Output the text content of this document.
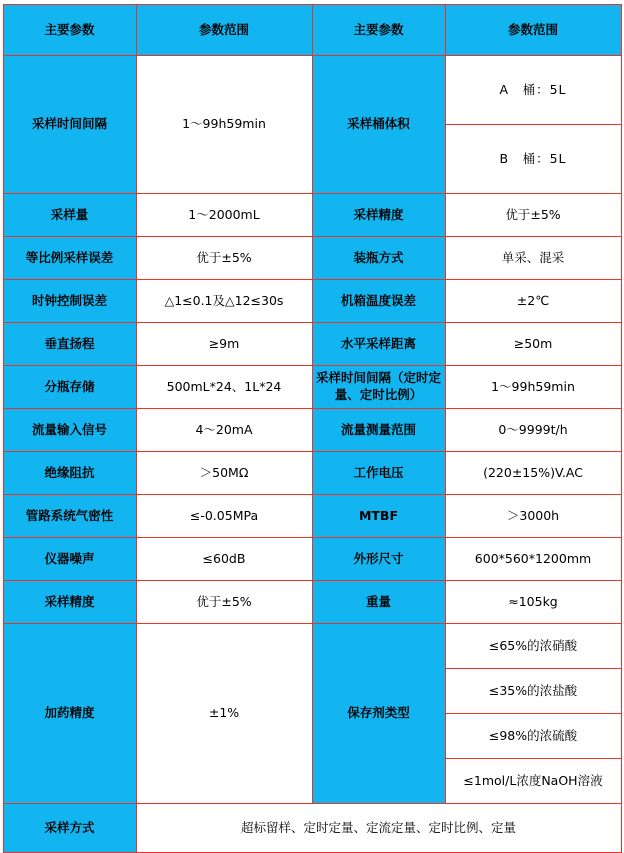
主要参数	参数范围	主要参数	参数范围
采样时间间隔	1～99h59min	采样桶体积	A　桶：5L
			B　桶：5L
采样量	1～2000mL	采样精度	优于±5%
等比例采样误差	优于±5%	装瓶方式	单采、混采
时钟控制误差	△1≤0.1及△12≤30s	机箱温度误差	±2℃
垂直扬程	≥9m	水平采样距离	≥50m
分瓶存储	500mL*24、1L*24	采样时间间隔（定时定量、定时比例）	1～99h59min
流量输入信号	4～20mA	流量测量范围	0～9999t/h
绝缘阻抗	＞50MΩ	工作电压	(220±15%)V.AC
管路系统气密性	≤-0.05MPa	MTBF	＞3000h
仪器噪声	≤60dB	外形尺寸	600*560*1200mm
采样精度	优于±5%	重量	≈105kg
加药精度	±1%	保存剂类型	≤65%的浓硝酸
			≤35%的浓盐酸
			≤98%的浓硫酸
			≤1mol/L浓度NaOH溶液
采样方式	超标留样、定时定量、定流定量、定时比例、定量		
